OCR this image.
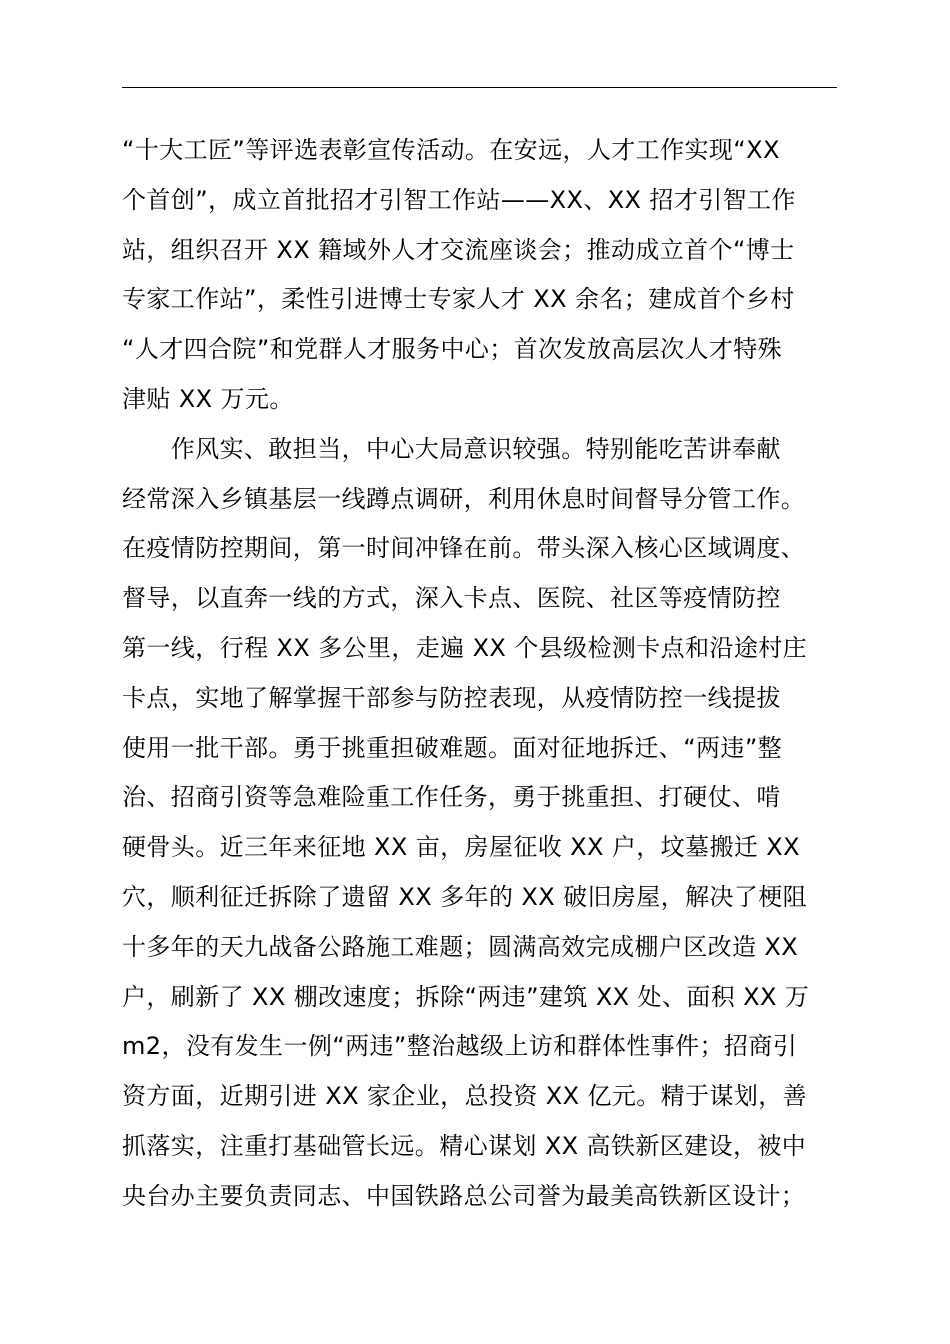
“十大工匠”等评选表彰宣传活动。在安远，人才工作实现“XX
个首创”，成立首批招才引智工作站——XX、XX 招才引智工作
站，组织召开 XX 籍域外人才交流座谈会；推动成立首个“博士
专家工作站”，柔性引进博士专家人才 XX 余名；建成首个乡村
“人才四合院”和党群人才服务中心；首次发放高层次人才特殊
津贴 XX 万元。
　　作风实、敢担当，中心大局意识较强。特别能吃苦讲奉献
经常深入乡镇基层一线蹲点调研，利用休息时间督导分管工作。
在疫情防控期间，第一时间冲锋在前。带头深入核心区域调度、
督导，以直奔一线的方式，深入卡点、医院、社区等疫情防控
第一线，行程 XX 多公里，走遍 XX 个县级检测卡点和沿途村庄
卡点，实地了解掌握干部参与防控表现，从疫情防控一线提拔
使用一批干部。勇于挑重担破难题。面对征地拆迁、“两违”整
治、招商引资等急难险重工作任务，勇于挑重担、打硬仗、啃
硬骨头。近三年来征地 XX 亩，房屋征收 XX 户，坟墓搬迁 XX
穴，顺利征迁拆除了遗留 XX 多年的 XX 破旧房屋，解决了梗阻
十多年的天九战备公路施工难题；圆满高效完成棚户区改造 XX
户，刷新了 XX 棚改速度；拆除“两违”建筑 XX 处、面积 XX 万
m2，没有发生一例“两违”整治越级上访和群体性事件；招商引
资方面，近期引进 XX 家企业，总投资 XX 亿元。精于谋划，善
抓落实，注重打基础管长远。精心谋划 XX 高铁新区建设，被中
央台办主要负责同志、中国铁路总公司誉为最美高铁新区设计；
